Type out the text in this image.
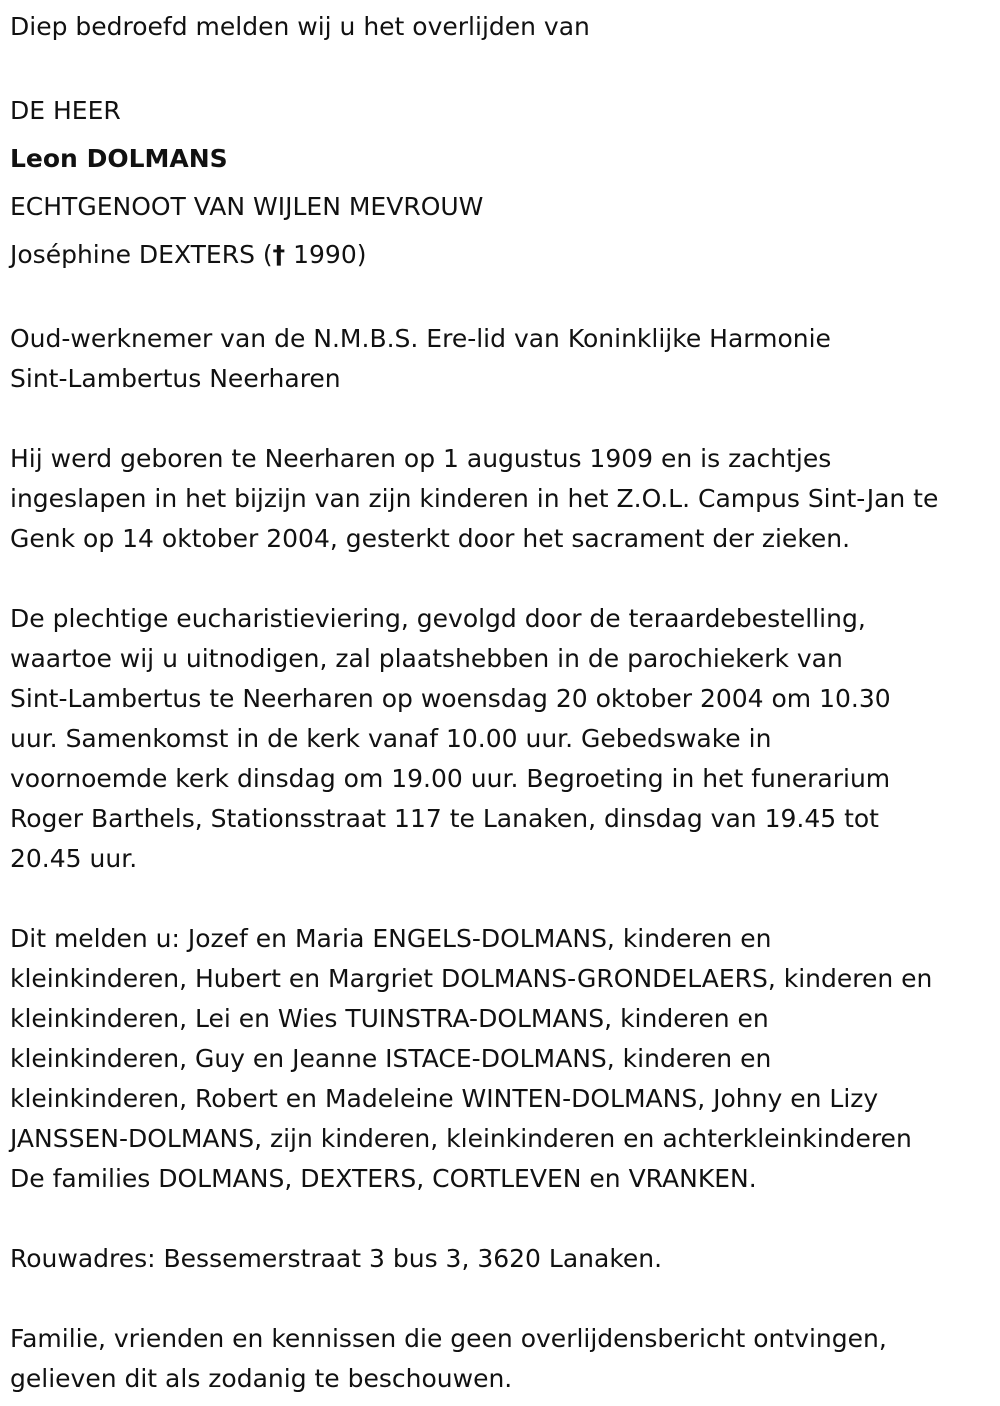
Diep bedroefd melden wij u het overlijden van
DE HEER
Leon DOLMANS
ECHTGENOOT VAN WIJLEN MEVROUW
Joséphine DEXTERS († 1990)
Oud-werknemer van de N.M.B.S. Ere-lid van Koninklijke Harmonie
Sint-Lambertus Neerharen
Hij werd geboren te Neerharen op 1 augustus 1909 en is zachtjes
ingeslapen in het bijzijn van zijn kinderen in het Z.O.L. Campus Sint-Jan te
Genk op 14 oktober 2004, gesterkt door het sacrament der zieken.
De plechtige eucharistieviering, gevolgd door de teraardebestelling,
waartoe wij u uitnodigen, zal plaatshebben in de parochiekerk van
Sint-Lambertus te Neerharen op woensdag 20 oktober 2004 om 10.30
uur. Samenkomst in de kerk vanaf 10.00 uur. Gebedswake in
voornoemde kerk dinsdag om 19.00 uur. Begroeting in het funerarium
Roger Barthels, Stationsstraat 117 te Lanaken, dinsdag van 19.45 tot
20.45 uur.
Dit melden u: Jozef en Maria ENGELS-DOLMANS, kinderen en
kleinkinderen, Hubert en Margriet DOLMANS-GRONDELAERS, kinderen en
kleinkinderen, Lei en Wies TUINSTRA-DOLMANS, kinderen en
kleinkinderen, Guy en Jeanne ISTACE-DOLMANS, kinderen en
kleinkinderen, Robert en Madeleine WINTEN-DOLMANS, Johny en Lizy
JANSSEN-DOLMANS, zijn kinderen, kleinkinderen en achterkleinkinderen
De families DOLMANS, DEXTERS, CORTLEVEN en VRANKEN.
Rouwadres: Bessemerstraat 3 bus 3, 3620 Lanaken.
Familie, vrienden en kennissen die geen overlijdensbericht ontvingen,
gelieven dit als zodanig te beschouwen.
